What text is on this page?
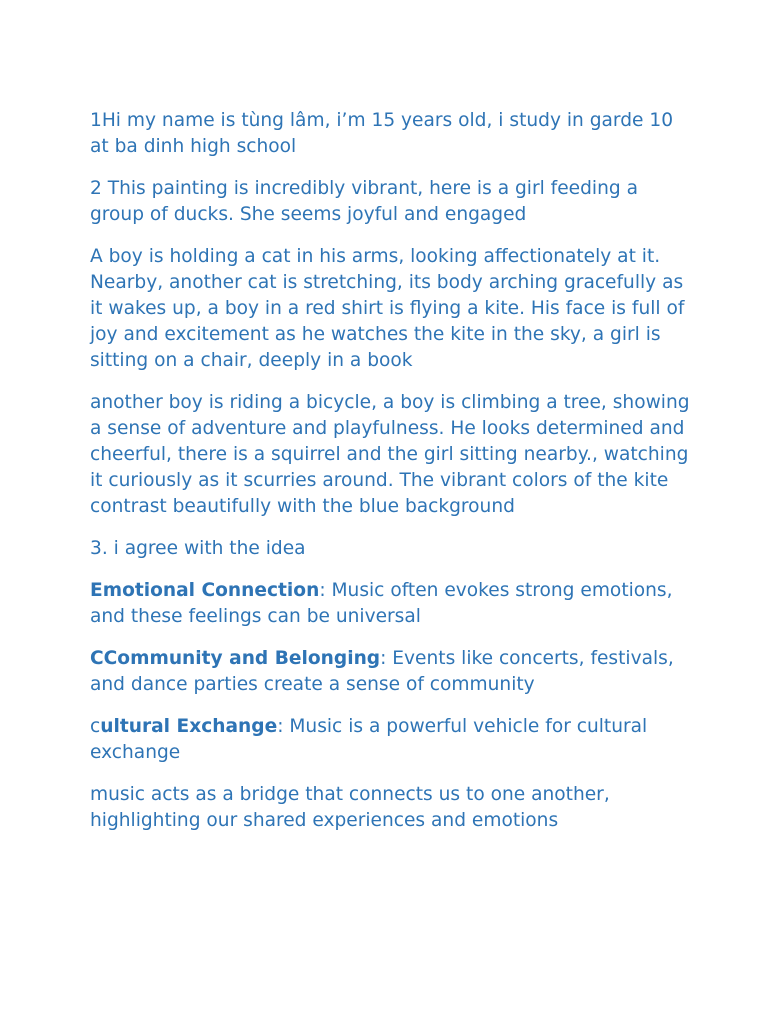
1Hi my name is tùng lâm, i’m 15 years old, i study in garde 10 at ba dinh high school

2 This painting is incredibly vibrant, here is a girl feeding a group of ducks. She seems joyful and engaged

A boy is holding a cat in his arms, looking affectionately at it. Nearby, another cat is stretching, its body arching gracefully as it wakes up, a boy in a red shirt is flying a kite. His face is full of joy and excitement as he watches the kite in the sky, a girl is sitting on a chair, deeply in a book

another boy is riding a bicycle, a boy is climbing a tree, showing a sense of adventure and playfulness. He looks determined and cheerful, there is a squirrel and the girl sitting nearby., watching it curiously as it scurries around. The vibrant colors of the kite contrast beautifully with the blue background

3. i agree with the idea

Emotional Connection: Music often evokes strong emotions, and these feelings can be universal

CCommunity and Belonging: Events like concerts, festivals, and dance parties create a sense of community

cultural Exchange: Music is a powerful vehicle for cultural exchange

music acts as a bridge that connects us to one another, highlighting our shared experiences and emotions
